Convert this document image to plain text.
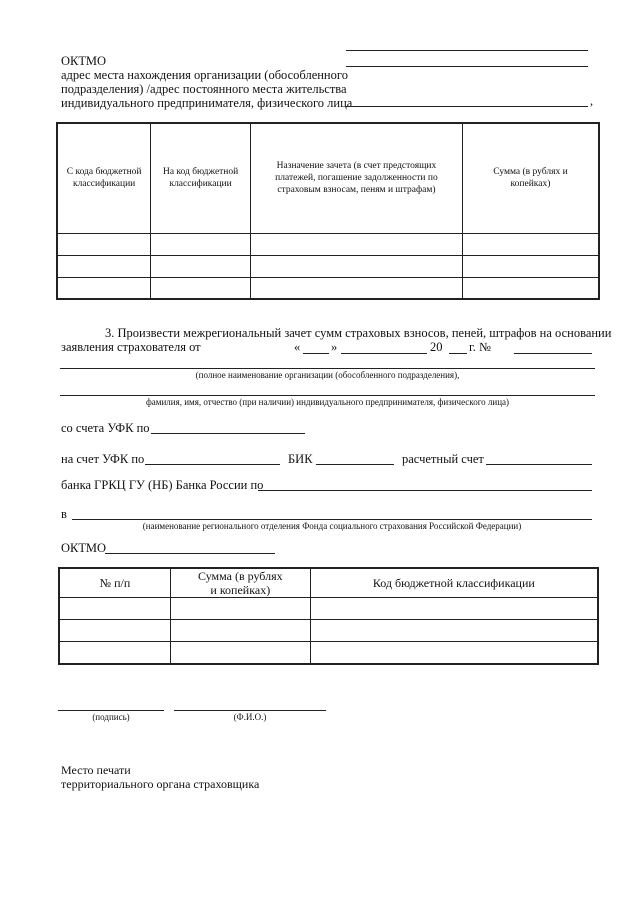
ОКТМО
адрес места нахождения организации (обособленного
подразделения) /адрес постоянного места жительства
индивидуального предпринимателя, физического лица	,
С кода бюджетной классификации	На код бюджетной классификации	Назначение зачета (в счет предстоящих платежей, погашение задолженности по страховым взносам, пеням и штрафам)	Сумма (в рублях и копейках)

3. Произвести межрегиональный зачет сумм страховых взносов, пеней, штрафов на основании
заявления страхователя от	« »	20 г. №
(полное наименование организации (обособленного подразделения),
фамилия, имя, отчество (при наличии) индивидуального предпринимателя, физического лица)
со счета УФК по
на счет УФК по	БИК	расчетный счет
банка ГРКЦ ГУ (НБ) Банка России по
в
(наименование регионального отделения Фонда социального страхования Российской Федерации)
ОКТМО
№ п/п	Сумма (в рублях и копейках)	Код бюджетной классификации

(подпись)	(Ф.И.О.)
Место печати
территориального органа страховщика
